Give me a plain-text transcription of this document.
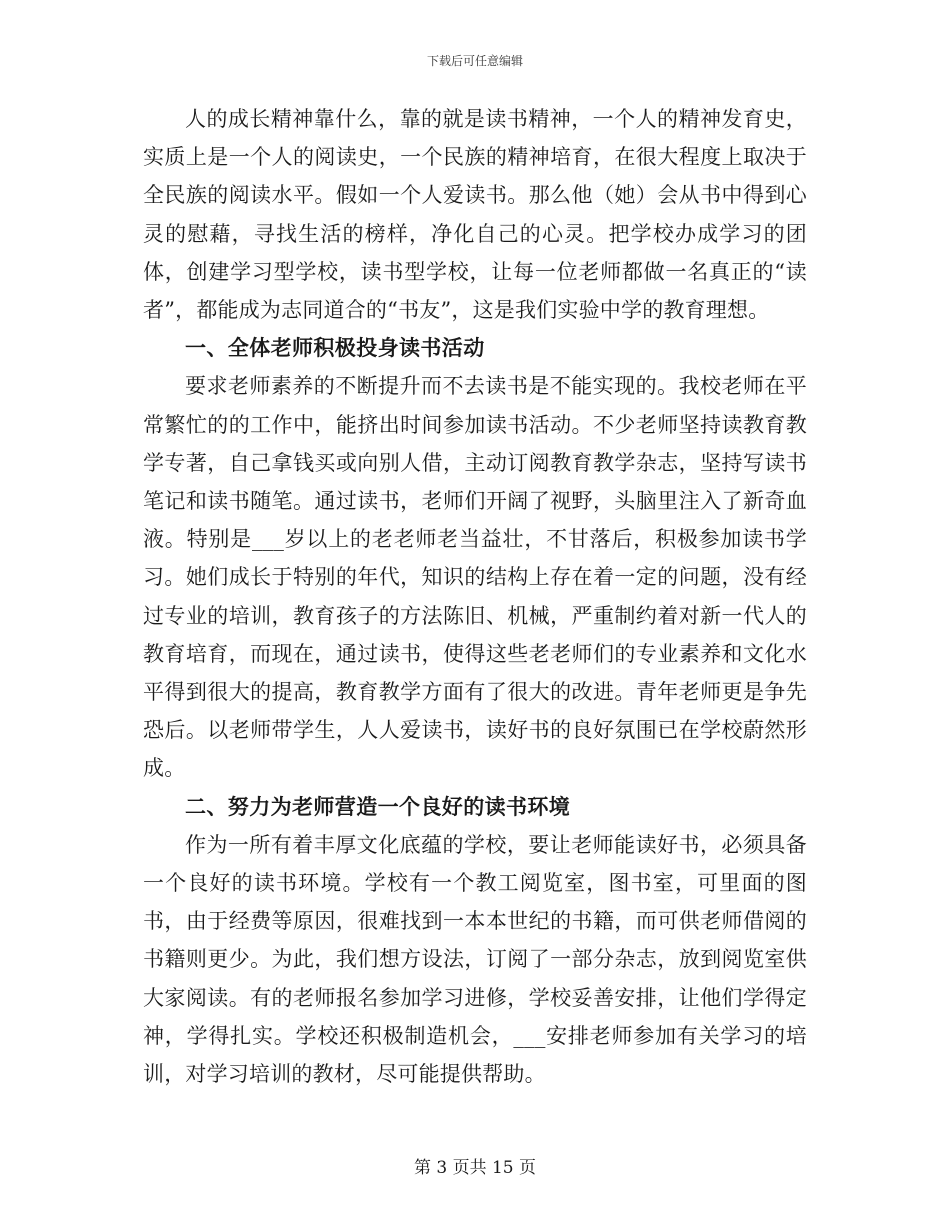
下载后可任意编辑

人的成长精神靠什么，靠的就是读书精神，一个人的精神发育史，实质上是一个人的阅读史，一个民族的精神培育，在很大程度上取决于全民族的阅读水平。假如一个人爱读书。那么他（她）会从书中得到心灵的慰藉，寻找生活的榜样，净化自己的心灵。把学校办成学习的团体，创建学习型学校，读书型学校，让每一位老师都做一名真正的“读者”，都能成为志同道合的“书友”，这是我们实验中学的教育理想。

一、全体老师积极投身读书活动

要求老师素养的不断提升而不去读书是不能实现的。我校老师在平常繁忙的的工作中，能挤出时间参加读书活动。不少老师坚持读教育教学专著，自己拿钱买或向别人借，主动订阅教育教学杂志，坚持写读书笔记和读书随笔。通过读书，老师们开阔了视野，头脑里注入了新奇血液。特别是___岁以上的老老师老当益壮，不甘落后，积极参加读书学习。她们成长于特别的年代，知识的结构上存在着一定的问题，没有经过专业的培训，教育孩子的方法陈旧、机械，严重制约着对新一代人的教育培育，而现在，通过读书，使得这些老老师们的专业素养和文化水平得到很大的提高，教育教学方面有了很大的改进。青年老师更是争先恐后。以老师带学生，人人爱读书，读好书的良好氛围已在学校蔚然形成。

二、努力为老师营造一个良好的读书环境

作为一所有着丰厚文化底蕴的学校，要让老师能读好书，必须具备一个良好的读书环境。学校有一个教工阅览室，图书室，可里面的图书，由于经费等原因，很难找到一本本世纪的书籍，而可供老师借阅的书籍则更少。为此，我们想方设法，订阅了一部分杂志，放到阅览室供大家阅读。有的老师报名参加学习进修，学校妥善安排，让他们学得定神，学得扎实。学校还积极制造机会，___安排老师参加有关学习的培训，对学习培训的教材，尽可能提供帮助。

第 3 页共 15 页
